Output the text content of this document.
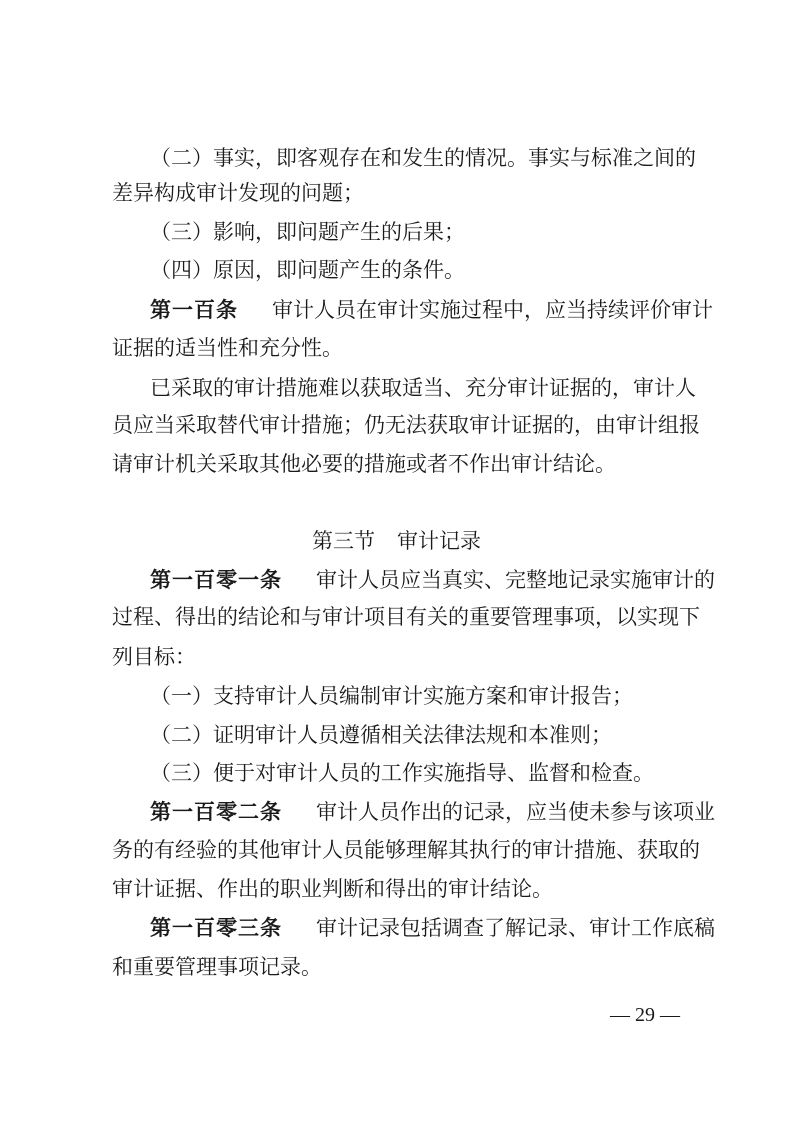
（二）事实，即客观存在和发生的情况。事实与标准之间的
差异构成审计发现的问题；
（三）影响，即问题产生的后果；
（四）原因，即问题产生的条件。
第一百条 审计人员在审计实施过程中，应当持续评价审计
证据的适当性和充分性。
已采取的审计措施难以获取适当、充分审计证据的，审计人
员应当采取替代审计措施；仍无法获取审计证据的，由审计组报
请审计机关采取其他必要的措施或者不作出审计结论。
第三节 审计记录
第一百零一条 审计人员应当真实、完整地记录实施审计的
过程、得出的结论和与审计项目有关的重要管理事项，以实现下
列目标：
（一）支持审计人员编制审计实施方案和审计报告；
（二）证明审计人员遵循相关法律法规和本准则；
（三）便于对审计人员的工作实施指导、监督和检查。
第一百零二条 审计人员作出的记录，应当使未参与该项业
务的有经验的其他审计人员能够理解其执行的审计措施、获取的
审计证据、作出的职业判断和得出的审计结论。
第一百零三条 审计记录包括调查了解记录、审计工作底稿
和重要管理事项记录。
— 29 —
